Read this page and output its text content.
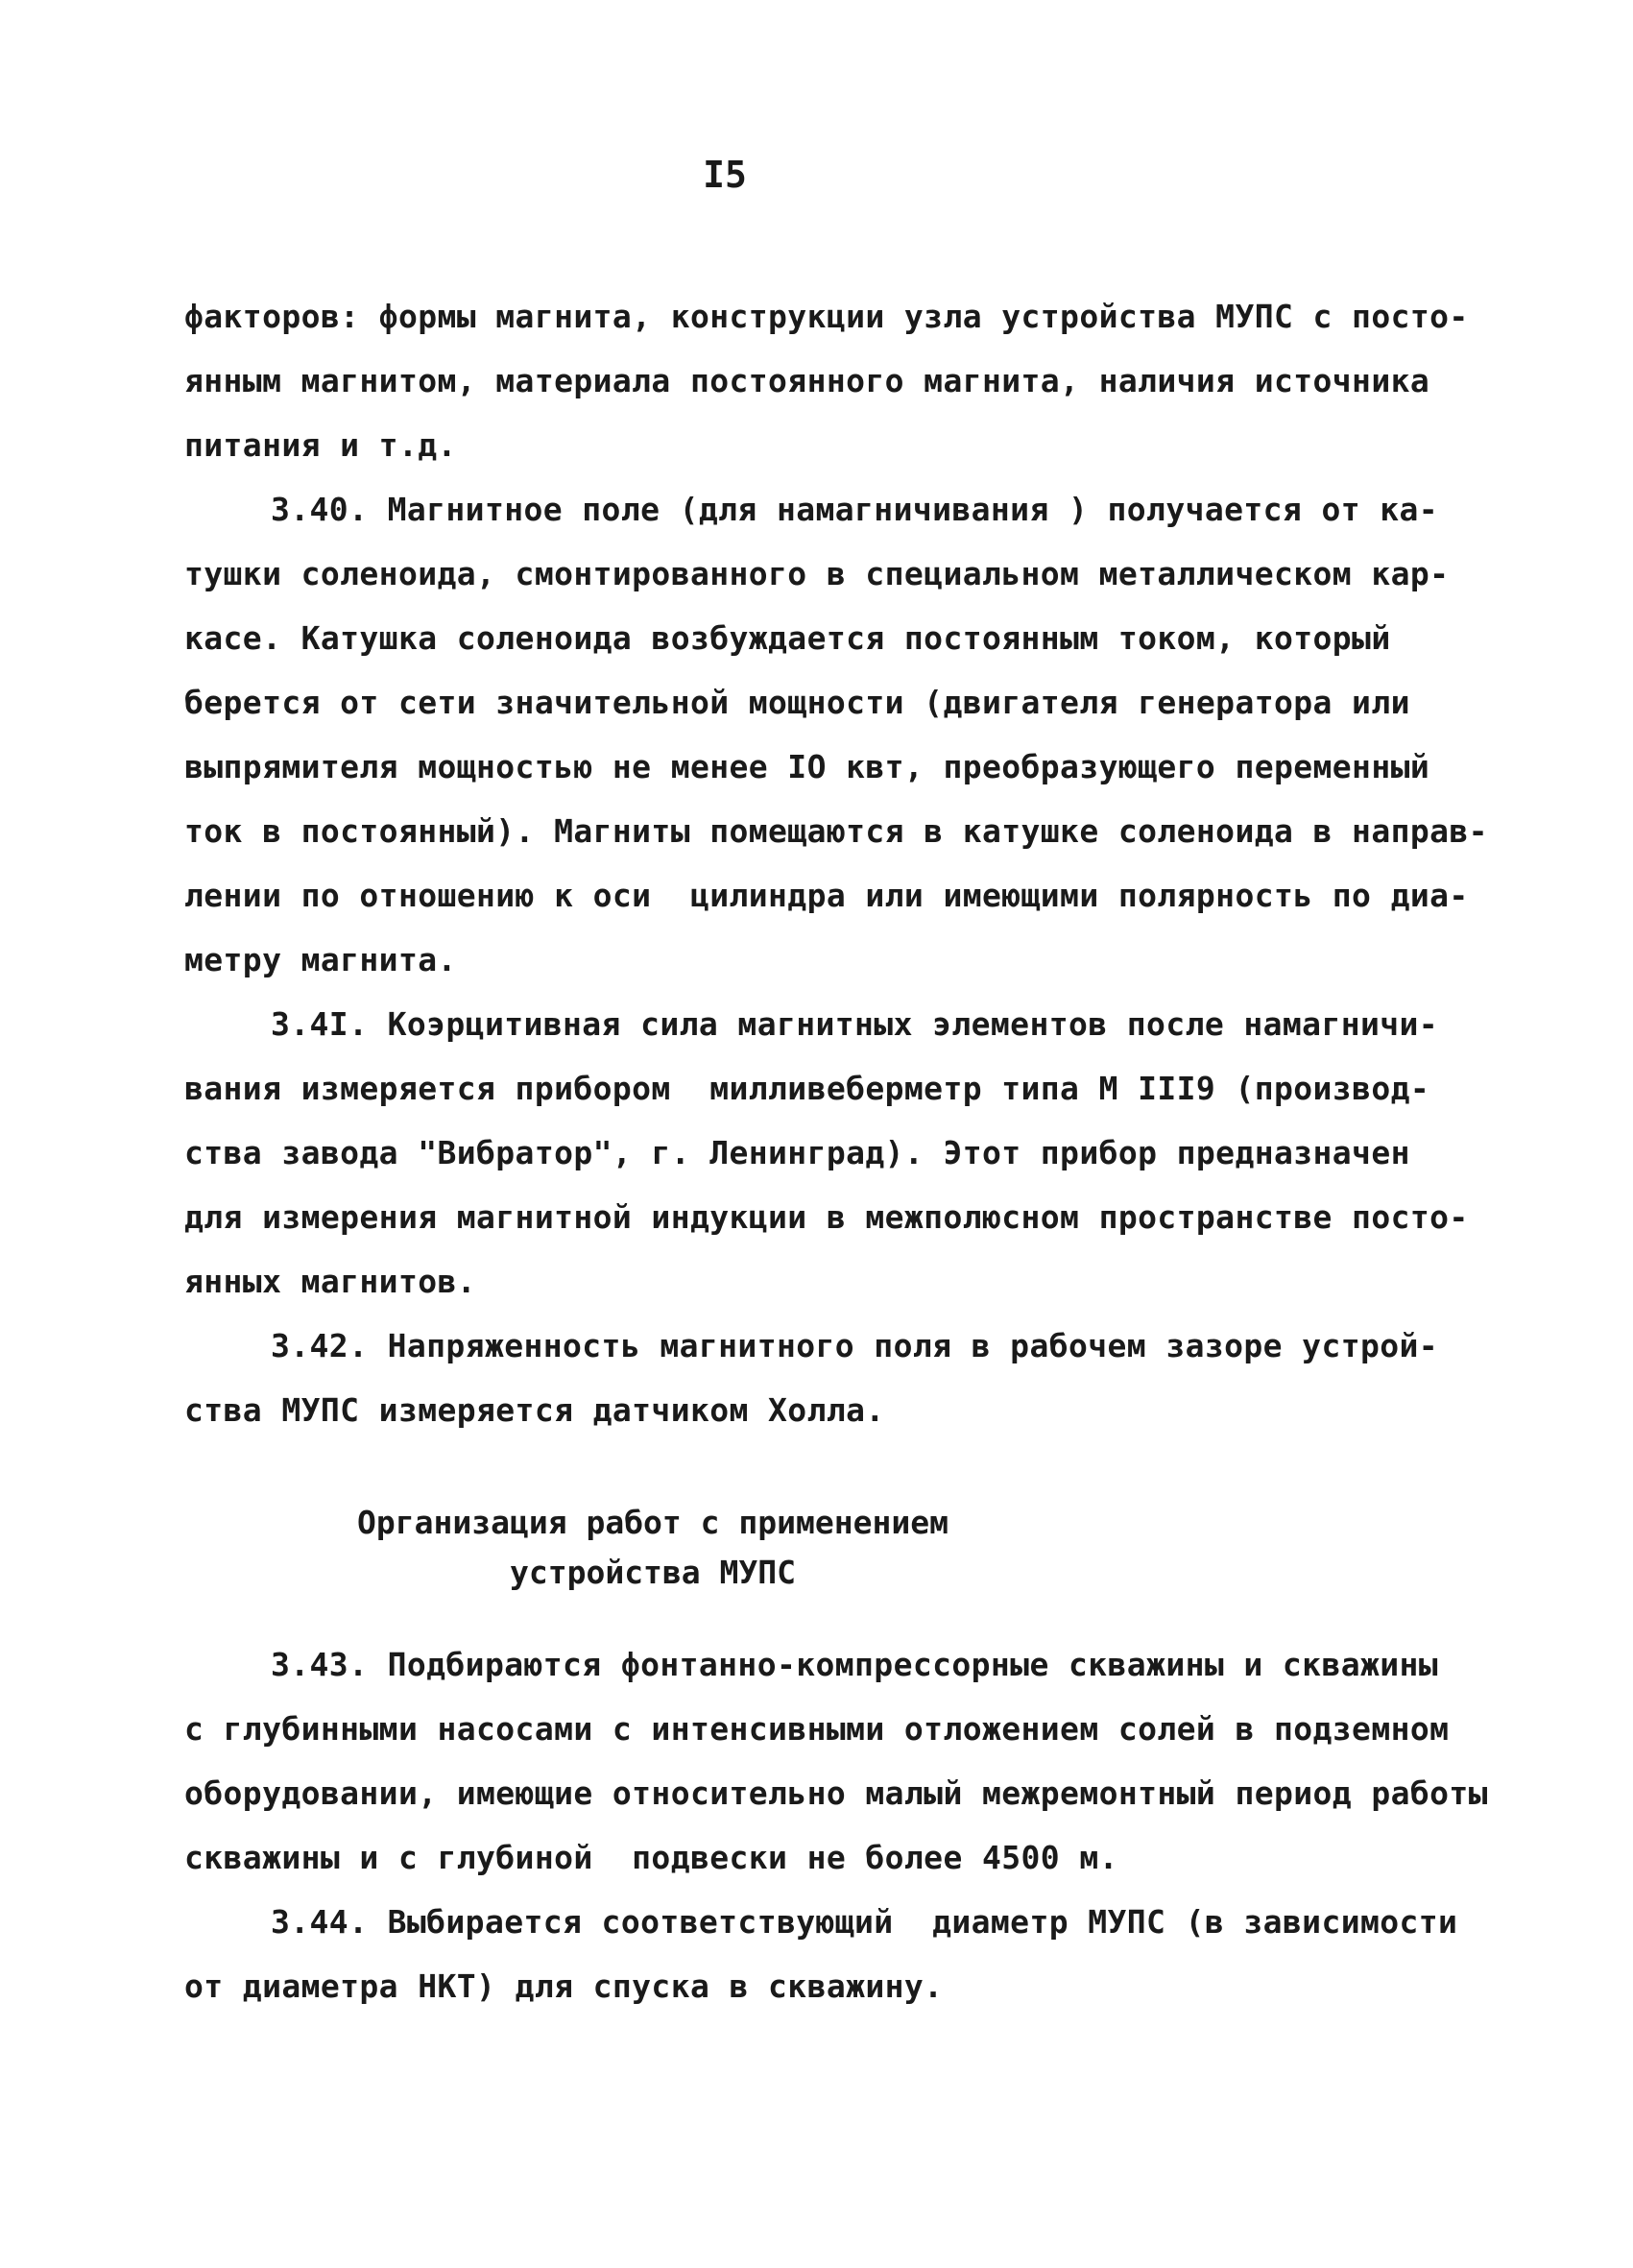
I5
факторов: формы магнита, конструкции узла устройства МУПС с посто-
янным магнитом, материала постоянного магнита, наличия источника
питания и т.д.
3.40. Магнитное поле (для намагничивания ) получается от ка-
тушки соленоида, смонтированного в специальном металлическом кар-
касе. Катушка соленоида возбуждается постоянным током, который
берется от сети значительной мощности (двигателя генератора или
выпрямителя мощностью не менее IO квт, преобразующего переменный
ток в постоянный). Магниты помещаются в катушке соленоида в направ-
лении по отношению к оси  цилиндра или имеющими полярность по диа-
метру магнита.
3.4I. Коэрцитивная сила магнитных элементов после намагничи-
вания измеряется прибором  милливеберметр типа М III9 (производ-
ства завода "Вибратор", г. Ленинград). Этот прибор предназначен
для измерения магнитной индукции в межполюсном пространстве посто-
янных магнитов.
3.42. Напряженность магнитного поля в рабочем зазоре устрой-
ства МУПС измеряется датчиком Холла.
Организация работ с применением
устройства МУПС
3.43. Подбираются фонтанно-компрессорные скважины и скважины
с глубинными насосами с интенсивными отложением солей в подземном
оборудовании, имеющие относительно малый межремонтный период работы
скважины и с глубиной  подвески не более 4500 м.
3.44. Выбирается соответствующий  диаметр МУПС (в зависимости
от диаметра НКТ) для спуска в скважину.
